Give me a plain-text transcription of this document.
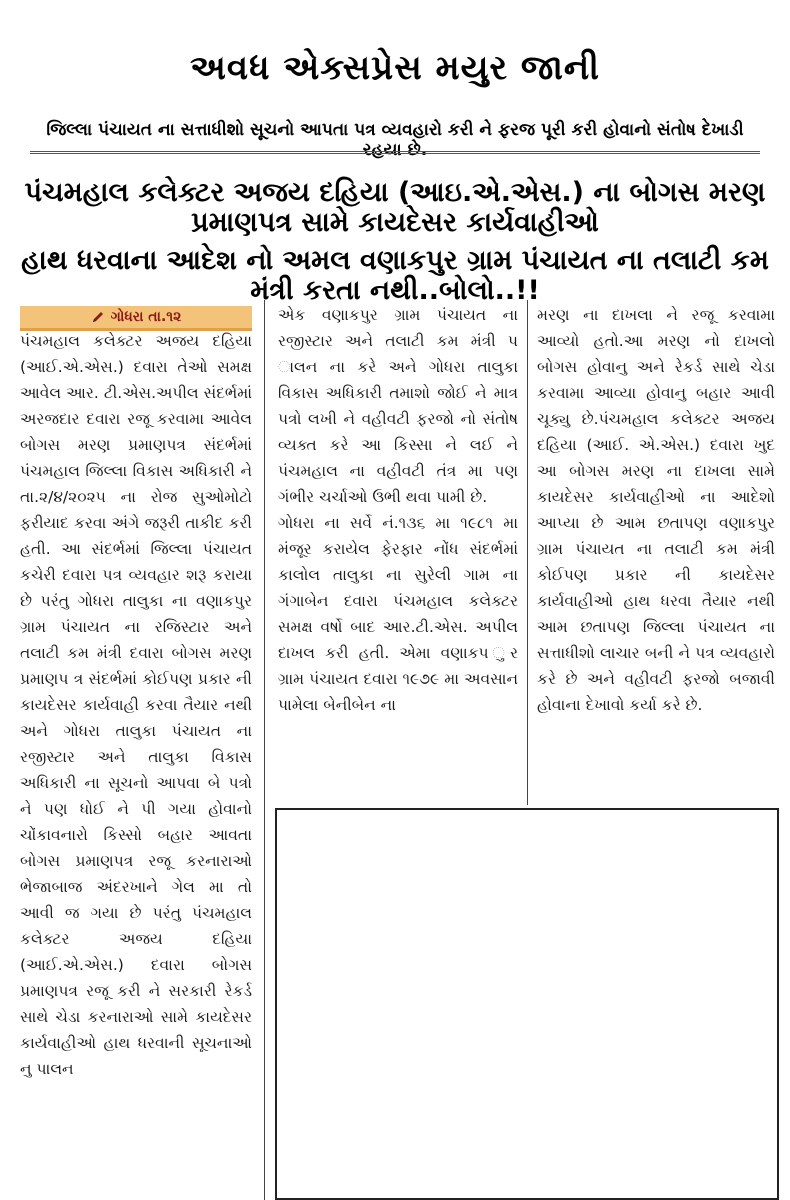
અવધ એક્સપ્રેસ મયુર જાની
જિલ્લા પંચાયત ના સત્તાધીશો સૂચનો આપતા પત્ર વ્યવહારો કરી ને ફરજ પૂરી કરી હોવાનો સંતોષ દેખાડી રહયા છે.
પંચમહાલ કલેક્ટર અજય દહિયા (આઇ.એ.એસ.) ના બોગસ મરણ પ્રમાણપત્ર સામે કાયદેસર કાર્યવાહીઓ
હાથ ધરવાના આદેશ નો અમલ વણાકપુર ગ્રામ પંચાયત ના તલાટી કમ મંત્રી કરતા નથી..બોલો..!!
ગોધરા તા.૧૨
પંચમહાલ કલેક્ટર અજય દહિયા (આઈ.એ.એસ.) દવારા તેઓ સમક્ષ આવેલ આર. ટી.એસ.અપીલ સંદર્ભમાં અરજદાર દવારા રજૂ કરવામા આવેલ બોગસ મરણ પ્રમાણપત્ર સંદર્ભમાં પંચમહાલ જિલ્લા વિકાસ અધિકારી ને તા.૨/૪/૨૦૨૫ ના રોજ સુઓમોટો ફરીયાદ કરવા અંગે જરૂરી તાકીદ કરી હતી. આ સંદર્ભમાં જિલ્લા પંચાયત કચેરી દવારા પત્ર વ્યવહાર શરૂ કરાયા છે પરંતુ ગોધરા તાલુકા ના વણાકપુર ગ્રામ પંચાયત ના રજિસ્ટાર અને તલાટી કમ મંત્રી દવારા બોગસ મરણ પ્રમાણપ ત્ર સંદર્ભમાં કોઈપણ પ્રકાર ની કાયદેસર કાર્યવાહી કરવા તૈયાર નથી અને ગોધરા તાલુકા પંચાયત ના રજીસ્ટાર અને તાલુકા વિકાસ અધિકારી ના સૂચનો આપવા બે પત્રો ને પણ ધોઈ ને પી ગયા હોવાનો ચોંકાવનારો કિસ્સો બહાર આવતા બોગસ પ્રમાણપત્ર રજૂ કરનારાઓ ભેજાબાજ અંદરખાને ગેલ મા તો આવી જ ગયા છે પરંતુ પંચમહાલ કલેક્ટર અજય દહિયા (આઈ.એ.એસ.) દવારા બોગસ પ્રમાણપત્ર રજૂ કરી ને સરકારી રેકર્ડ સાથે ચેડા કરનારાઓ સામે કાયદેસર કાર્યવાહીઓ હાથ ધરવાની સૂચનાઓ નુ પાલન
એક વણાકપુર ગ્રામ પંચાયત ના રજીસ્ટાર અને તલાટી કમ મંત્રી પ ાલન ના કરે અને ગોધરા તાલુકા વિકાસ અધિકારી તમાશો જોઈ ને માત્ર પત્રો લખી ને વહીવટી ફરજો નો સંતોષ વ્યક્ત કરે આ કિસ્સા ને લઈ ને પંચમહાલ ના વહીવટી તંત્ર મા પણ ગંભીર ચર્ચાઓ ઉભી થવા પામી છે.
ગોધરા ના સર્વે નં.૧૩૬ મા ૧૯૮૧ મા મંજૂર કરાયેલ ફેરફાર નોંધ સંદર્ભમાં કાલોલ તાલુકા ના સુરેલી ગામ ના ગંગાબેન દવારા પંચમહાલ કલેક્ટર સમક્ષ વર્ષો બાદ આર.ટી.એસ. અપીલ દાખલ કરી હતી. એમા વણાકપ ુર ગ્રામ પંચાયત દવારા ૧૯૭૯ મા અવસાન પામેલા બેનીબેન ના
મરણ ના દાખલા ને રજૂ કરવામા આવ્યો હતો.આ મરણ નો દાખલો બોગસ હોવાનુ અને રેકર્ડ સાથે ચેડા કરવામા આવ્યા હોવાનુ બહાર આવી ચૂક્યુ છે.પંચમહાલ કલેક્ટર અજય દહિયા (આઈ. એ.એસ.) દવારા ખુદ આ બોગસ મરણ ના દાખલા સામે કાયદેસર કાર્યવાહીઓ ના આદેશો આપ્યા છે આમ છતાપણ વણાકપુર ગ્રામ પંચાયત ના તલાટી કમ મંત્રી કોઈપણ પ્રકાર ની કાયદેસર કાર્યવાહીઓ હાથ ધરવા તૈયાર નથી આમ છતાપણ જિલ્લા પંચાયત ના સત્તાધીશો લાચાર બની ને પત્ર વ્યવહારો કરે છે અને વહીવટી ફરજો બજાવી હોવાના દેખાવો કર્યા કરે છે.
